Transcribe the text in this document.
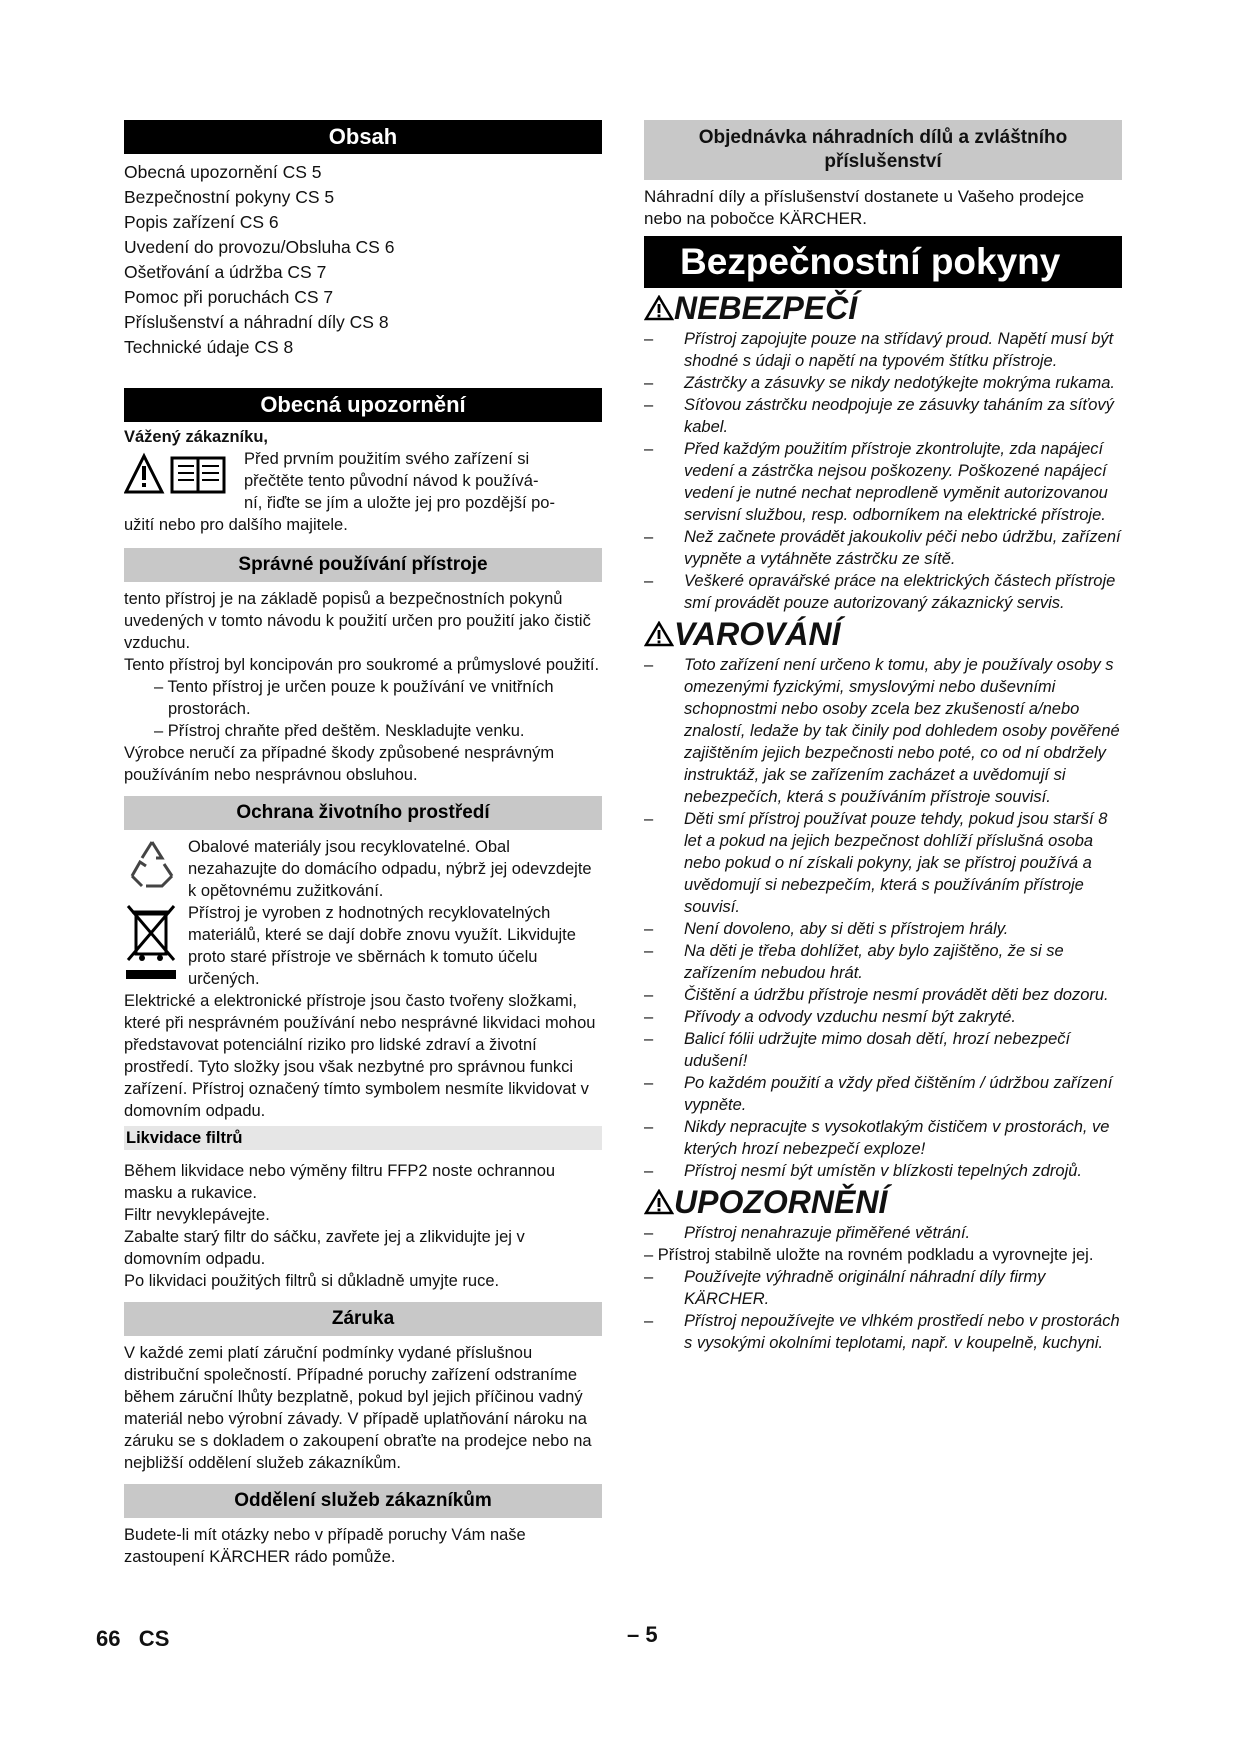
Obsah
Obecná upozornění CS 5
Bezpečnostní pokyny CS 5
Popis zařízení CS 6
Uvedení do provozu/Obsluha CS 6
Ošetřování a údržba CS 7
Pomoc při poruchách CS 7
Příslušenství a náhradní díly CS 8
Technické údaje CS 8
Obecná upozornění

Vážený zákazníku,

Před prvním použitím svého zařízení si

přečtěte tento původní návod k používá-

ní, řiďte se jím a uložte jej pro pozdější po-

užití nebo pro dalšího majitele.

Správné používání přístroje

tento přístroj je na základě popisů a bezpečnostních pokynů uvedených v tomto návodu k použití určen pro použití jako čistič vzduchu.

Tento přístroj byl koncipován pro soukromé a průmyslové použití.

– Tento přístroj je určen pouze k používání ve vnitřních prostorách.

– Přístroj chraňte před deštěm. Neskladujte venku.

Výrobce neručí za případné škody způsobené nesprávným používáním nebo nesprávnou obsluhou.

Ochrana životního prostředí
Obalové materiály jsou recyklovatelné. Obal nezahazujte do domácího odpadu, nýbrž jej odevzdejte k opětovnému zužitkování.
Přístroj je vyroben z hodnotných recyklovatelných materiálů, které se dají dobře znovu využít. Likvidujte proto staré přístroje ve sběrnách k tomuto účelu určených.

Elektrické a elektronické přístroje jsou často tvořeny složkami, které při nesprávném používání nebo nesprávné likvidaci mohou představovat potenciální riziko pro lidské zdraví a životní prostředí. Tyto složky jsou však nezbytné pro správnou funkci zařízení. Přístroj označený tímto symbolem nesmíte likvidovat v domovním odpadu.

Likvidace filtrů

Během likvidace nebo výměny filtru FFP2 noste ochrannou masku a rukavice.

Filtr nevyklepávejte.

Zabalte starý filtr do sáčku, zavřete jej a zlikvidujte jej v domovním odpadu.

Po likvidaci použitých filtrů si důkladně umyjte ruce.

Záruka

V každé zemi platí záruční podmínky vydané příslušnou distribuční společností. Případné poruchy zařízení odstraníme během záruční lhůty bezplatně, pokud byl jejich příčinou vadný materiál nebo výrobní závady. V případě uplatňování nároku na záruku se s dokladem o zakoupení obraťte na prodejce nebo na nejbližší oddělení služeb zákazníkům.

Oddělení služeb zákazníkům

Budete-li mít otázky nebo v případě poruchy Vám naše zastoupení KÄRCHER rádo pomůže.

Objednávka náhradních dílů a zvláštního příslušenství

Náhradní díly a příslušenství dostanete u Vašeho prodejce nebo na pobočce KÄRCHER.

Bezpečnostní pokyny
NEBEZPEČÍ
–	Přístroj zapojujte pouze na střídavý proud. Napětí musí být shodné s údaji o napětí na typovém štítku přístroje.
–	Zástrčky a zásuvky se nikdy nedotýkejte mokrýma rukama.
–	Síťovou zástrčku neodpojuje ze zásuvky taháním za síťový kabel.
–	Před každým použitím přístroje zkontrolujte, zda napájecí vedení a zástrčka nejsou poškozeny. Poškozené napájecí vedení je nutné nechat neprodleně vyměnit autorizovanou servisní službou, resp. odborníkem na elektrické přístroje.
–	Než začnete provádět jakoukoliv péči nebo údržbu, zařízení vypněte a vytáhněte zástrčku ze sítě.
–	Veškeré opravářské práce na elektrických částech přístroje smí provádět pouze autorizovaný zákaznický servis.
VAROVÁNÍ
–	Toto zařízení není určeno k tomu, aby je používaly osoby s omezenými fyzickými, smyslovými nebo duševními schopnostmi nebo osoby zcela bez zkušeností a/nebo znalostí, ledaže by tak činily pod dohledem osoby pověřené zajištěním jejich bezpečnosti nebo poté, co od ní obdržely instruktáž, jak se zařízením zacházet a uvědomují si nebezpečích, která s používáním přístroje souvisí.
–	Děti smí přístroj používat pouze tehdy, pokud jsou starší 8 let a pokud na jejich bezpečnost dohlíží příslušná osoba nebo pokud o ní získali pokyny, jak se přístroj používá a uvědomují si nebezpečím, která s používáním přístroje souvisí.
–	Není dovoleno, aby si děti s přístrojem hrály.
–	Na děti je třeba dohlížet, aby bylo zajištěno, že si se zařízením nebudou hrát.
–	Čištění a údržbu přístroje nesmí provádět děti bez dozoru.
–	Přívody a odvody vzduchu nesmí být zakryté.
–	Balicí fólii udržujte mimo dosah dětí, hrozí nebezpečí udušení!
–	Po každém použití a vždy před čištěním / údržbou zařízení vypněte.
–	Nikdy nepracujte s vysokotlakým čističem v prostorách, ve kterých hrozí nebezpečí exploze!
–	Přístroj nesmí být umístěn v blízkosti tepelných zdrojů.
UPOZORNĚNÍ
–	Přístroj nenahrazuje přiměřené větrání.
– Přístroj stabilně uložte na rovném podkladu a vyrovnejte jej.
–	Používejte výhradně originální náhradní díly firmy KÄRCHER.
–	Přístroj nepoužívejte ve vlhkém prostředí nebo v prostorách s vysokými okolními teplotami, např. v koupelně, kuchyni.
66   CS	– 5
